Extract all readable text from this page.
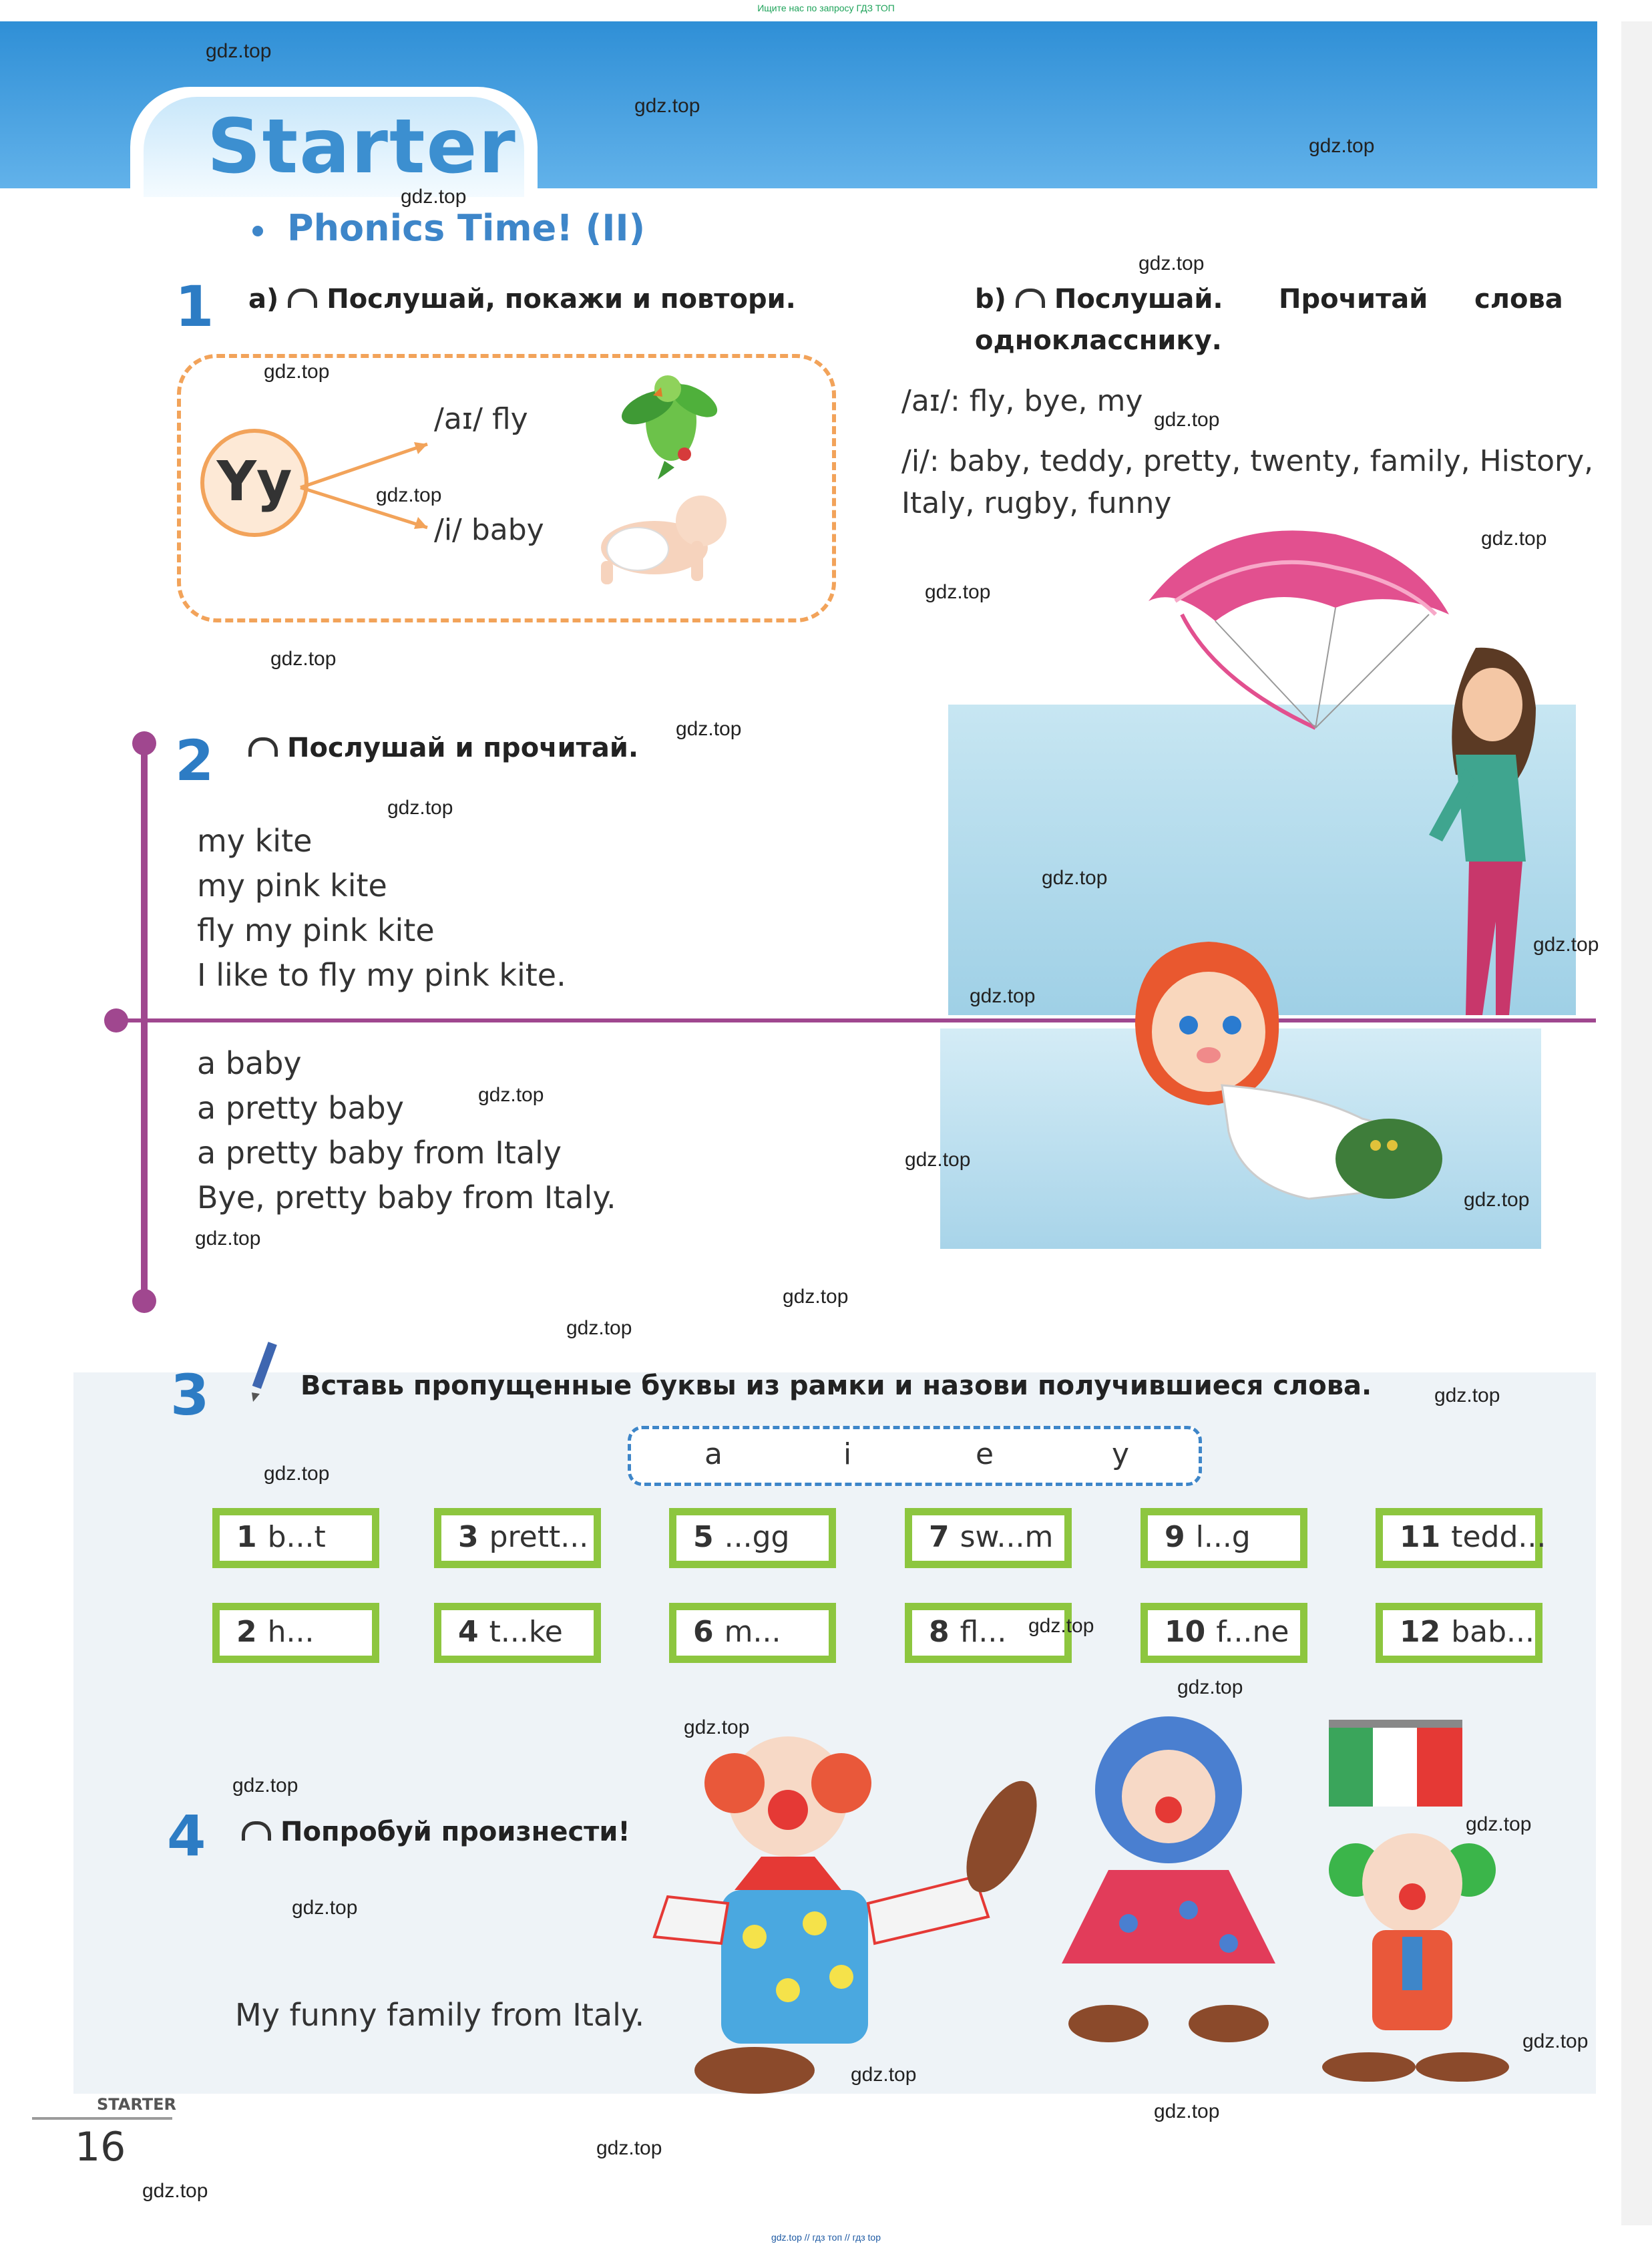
Ищите нас по запросу ГДЗ ТОП
Starter
Phonics Time! (II)
1 a) Послушай, покажи и повтори.
Yy
/aɪ/ fly
/i/ baby
b) Послушай. Прочитай слова
однокласснику.
/aɪ/: fly, bye, my
/i/: baby, teddy, pretty, twenty, family, History,
Italy, rugby, funny
2	Послушай и прочитай.
my kite
my pink kite
fly my pink kite
I like to fly my pink kite.
a baby
a pretty baby
a pretty baby from Italy
Bye, pretty baby from Italy.
3	Вставь пропущенные буквы из рамки и назови получившиеся слова.
a	i	e	y
1 b...t
2 h...
3 prett...
4 t...ke
5 ...gg
6 m...
7 sw...m
8 fl...
9 l...g
10 f...ne
11 tedd...
12 bab...
4	Попробуй произнести!
My funny family from Italy.
STARTER
16
gdz.top
gdz.top
gdz.top
gdz.top
gdz.top
gdz.top
gdz.top
gdz.top
gdz.top
gdz.top
gdz.top
gdz.top
gdz.top
gdz.top
gdz.top
gdz.top
gdz.top
gdz.top
gdz.top
gdz.top
gdz.top
gdz.top
gdz.top
gdz.top
gdz.top
gdz.top
gdz.top
gdz.top
gdz.top
gdz.top
gdz.top
gdz.top
gdz.top
gdz.top
gdz.top
gdz.top // гдз топ // гдз top
